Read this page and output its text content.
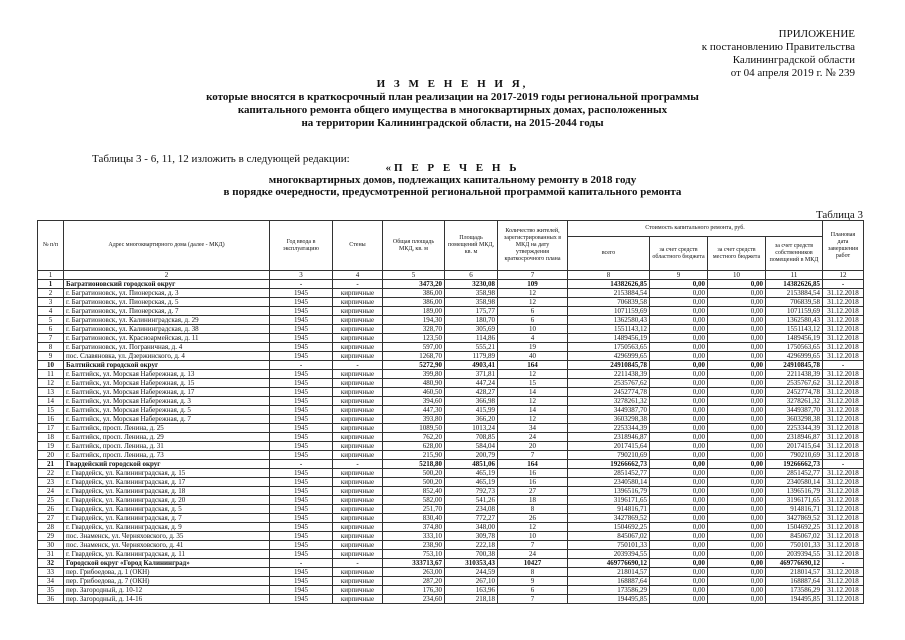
ПРИЛОЖЕНИЕ
к постановлению Правительства
Калининградской области
от 04 апреля 2019 г. № 239
И З М Е Н Е Н И Я,
которые вносятся в краткосрочный план реализации на 2017-2019 годы региональной программы
капитального ремонта общего имущества в многоквартирных домах, расположенных
на территории Калининградской области, на 2015-2044 годы
Таблицы 3 - 6, 11, 12 изложить в следующей редакции:
«П Е Р Е Ч Е Н Ь
многоквартирных домов, подлежащих капитальному ремонту в 2018 году
в порядке очередности, предусмотренной региональной программой капитального ремонта
Таблица 3
№ п/п	Адрес многоквартирного дома (далее - МКД)	Год ввода в эксплуатацию	Стены	Общая площадь МКД, кв. м	Площадь помещений МКД, кв. м	Количество жителей, зарегистрированных в МКД на дату утверждения краткосрочного плана	Стоимость капитального ремонта, руб.				Плановая дата завершения работ
							всего	за счет средств областного бюджета	за счет средств местного бюджета	за счет средств собственников помещений в МКД	
1	2	3	4	5	6	7	8	9	10	11	12
1	Багратионовский городской округ	-	-	3473,20	3230,08	109	14382626,85	0,00	0,00	14382626,85	-
2	г. Багратионовск, ул. Пионерская, д. 3	1945	кирпичные	386,00	358,98	12	2153884,54	0,00	0,00	2153884,54	31.12.2018
3	г. Багратионовск, ул. Пионерская, д. 5	1945	кирпичные	386,00	358,98	12	706839,58	0,00	0,00	706839,58	31.12.2018
4	г. Багратионовск, ул. Пионерская, д. 7	1945	кирпичные	189,00	175,77	6	1071159,69	0,00	0,00	1071159,69	31.12.2018
5	г. Багратионовск, ул. Калининградская, д. 29	1945	кирпичные	194,30	180,70	6	1362580,43	0,00	0,00	1362580,43	31.12.2018
6	г. Багратионовск, ул. Калининградская, д. 38	1945	кирпичные	328,70	305,69	10	1551143,12	0,00	0,00	1551143,12	31.12.2018
7	г. Багратионовск, ул. Красноармейская, д. 11	1945	кирпичные	123,50	114,86	4	1489456,19	0,00	0,00	1489456,19	31.12.2018
8	г. Багратионовск, ул. Пограничная, д. 4	1945	кирпичные	597,00	555,21	19	1750563,65	0,00	0,00	1750563,65	31.12.2018
9	пос. Славяновка, ул. Дзержинского, д. 4	1945	кирпичные	1268,70	1179,89	40	4296999,65	0,00	0,00	4296999,65	31.12.2018
10	Балтийский городской округ	-	-	5272,90	4903,41	164	24910845,78	0,00	0,00	24910845,78	-
11	г. Балтийск, ул. Морская Набережная, д. 13	1945	кирпичные	399,80	371,81	12	2211438,39	0,00	0,00	2211438,39	31.12.2018
12	г. Балтийск, ул. Морская Набережная, д. 15	1945	кирпичные	480,90	447,24	15	2535767,62	0,00	0,00	2535767,62	31.12.2018
13	г. Балтийск, ул. Морская Набережная, д. 17	1945	кирпичные	460,50	428,27	14	2452774,78	0,00	0,00	2452774,78	31.12.2018
14	г. Балтийск, ул. Морская Набережная, д. 3	1945	кирпичные	394,60	366,98	12	3278261,32	0,00	0,00	3278261,32	31.12.2018
15	г. Балтийск, ул. Морская Набережная, д. 5	1945	кирпичные	447,30	415,99	14	3449387,70	0,00	0,00	3449387,70	31.12.2018
16	г. Балтийск, ул. Морская Набережная, д. 7	1945	кирпичные	393,80	366,20	12	3603298,38	0,00	0,00	3603298,38	31.12.2018
17	г. Балтийск, просп. Ленина, д. 25	1945	кирпичные	1089,50	1013,24	34	2253344,39	0,00	0,00	2253344,39	31.12.2018
18	г. Балтийск, просп. Ленина, д. 29	1945	кирпичные	762,20	708,85	24	2318946,87	0,00	0,00	2318946,87	31.12.2018
19	г. Балтийск, просп. Ленина, д. 31	1945	кирпичные	628,00	584,04	20	2017415,64	0,00	0,00	2017415,64	31.12.2018
20	г. Балтийск, просп. Ленина, д. 73	1945	кирпичные	215,90	200,79	7	790210,69	0,00	0,00	790210,69	31.12.2018
21	Гвардейский городской округ	-	-	5218,80	4851,06	164	19266662,73	0,00	0,00	19266662,73	-
22	г. Гвардейск, ул. Калининградская, д. 15	1945	кирпичные	500,20	465,19	16	2851452,77	0,00	0,00	2851452,77	31.12.2018
23	г. Гвардейск, ул. Калининградская, д. 17	1945	кирпичные	500,20	465,19	16	2340580,14	0,00	0,00	2340580,14	31.12.2018
24	г. Гвардейск, ул. Калининградская, д. 18	1945	кирпичные	852,40	792,73	27	1396516,79	0,00	0,00	1396516,79	31.12.2018
25	г. Гвардейск, ул. Калининградская, д. 20	1945	кирпичные	582,00	541,26	18	3196171,65	0,00	0,00	3196171,65	31.12.2018
26	г. Гвардейск, ул. Калининградская, д. 5	1945	кирпичные	251,70	234,08	8	914816,71	0,00	0,00	914816,71	31.12.2018
27	г. Гвардейск, ул. Калининградская, д. 7	1945	кирпичные	830,40	772,27	26	3427869,52	0,00	0,00	3427869,52	31.12.2018
28	г. Гвардейск, ул. Калининградская, д. 9	1945	кирпичные	374,80	348,00	12	1504692,25	0,00	0,00	1504692,25	31.12.2018
29	пос. Знаменск, ул. Черняховского, д. 35	1945	кирпичные	333,10	309,78	10	845067,02	0,00	0,00	845067,02	31.12.2018
30	пос. Знаменск, ул. Черняховского, д. 41	1945	кирпичные	238,90	222,18	7	750101,33	0,00	0,00	750101,33	31.12.2018
31	г. Гвардейск, ул. Калининградская, д. 11	1945	кирпичные	753,10	700,38	24	2039394,55	0,00	0,00	2039394,55	31.12.2018
32	Городской округ «Город Калининград»	-	-	333713,67	310353,43	10427	469776690,12	0,00	0,00	469776690,12	-
33	пер. Грибоедова, д. 1 (ОКН)	1945	кирпичные	263,00	244,59	8	218014,57	0,00	0,00	218014,57	31.12.2018
34	пер. Грибоедова, д. 7 (ОКН)	1945	кирпичные	287,20	267,10	9	168887,64	0,00	0,00	168887,64	31.12.2018
35	пер. Загородный, д. 10-12	1945	кирпичные	176,30	163,96	6	173586,29	0,00	0,00	173586,29	31.12.2018
36	пер. Загородный, д. 14-16	1945	кирпичные	234,60	218,18	7	194495,85	0,00	0,00	194495,85	31.12.2018
